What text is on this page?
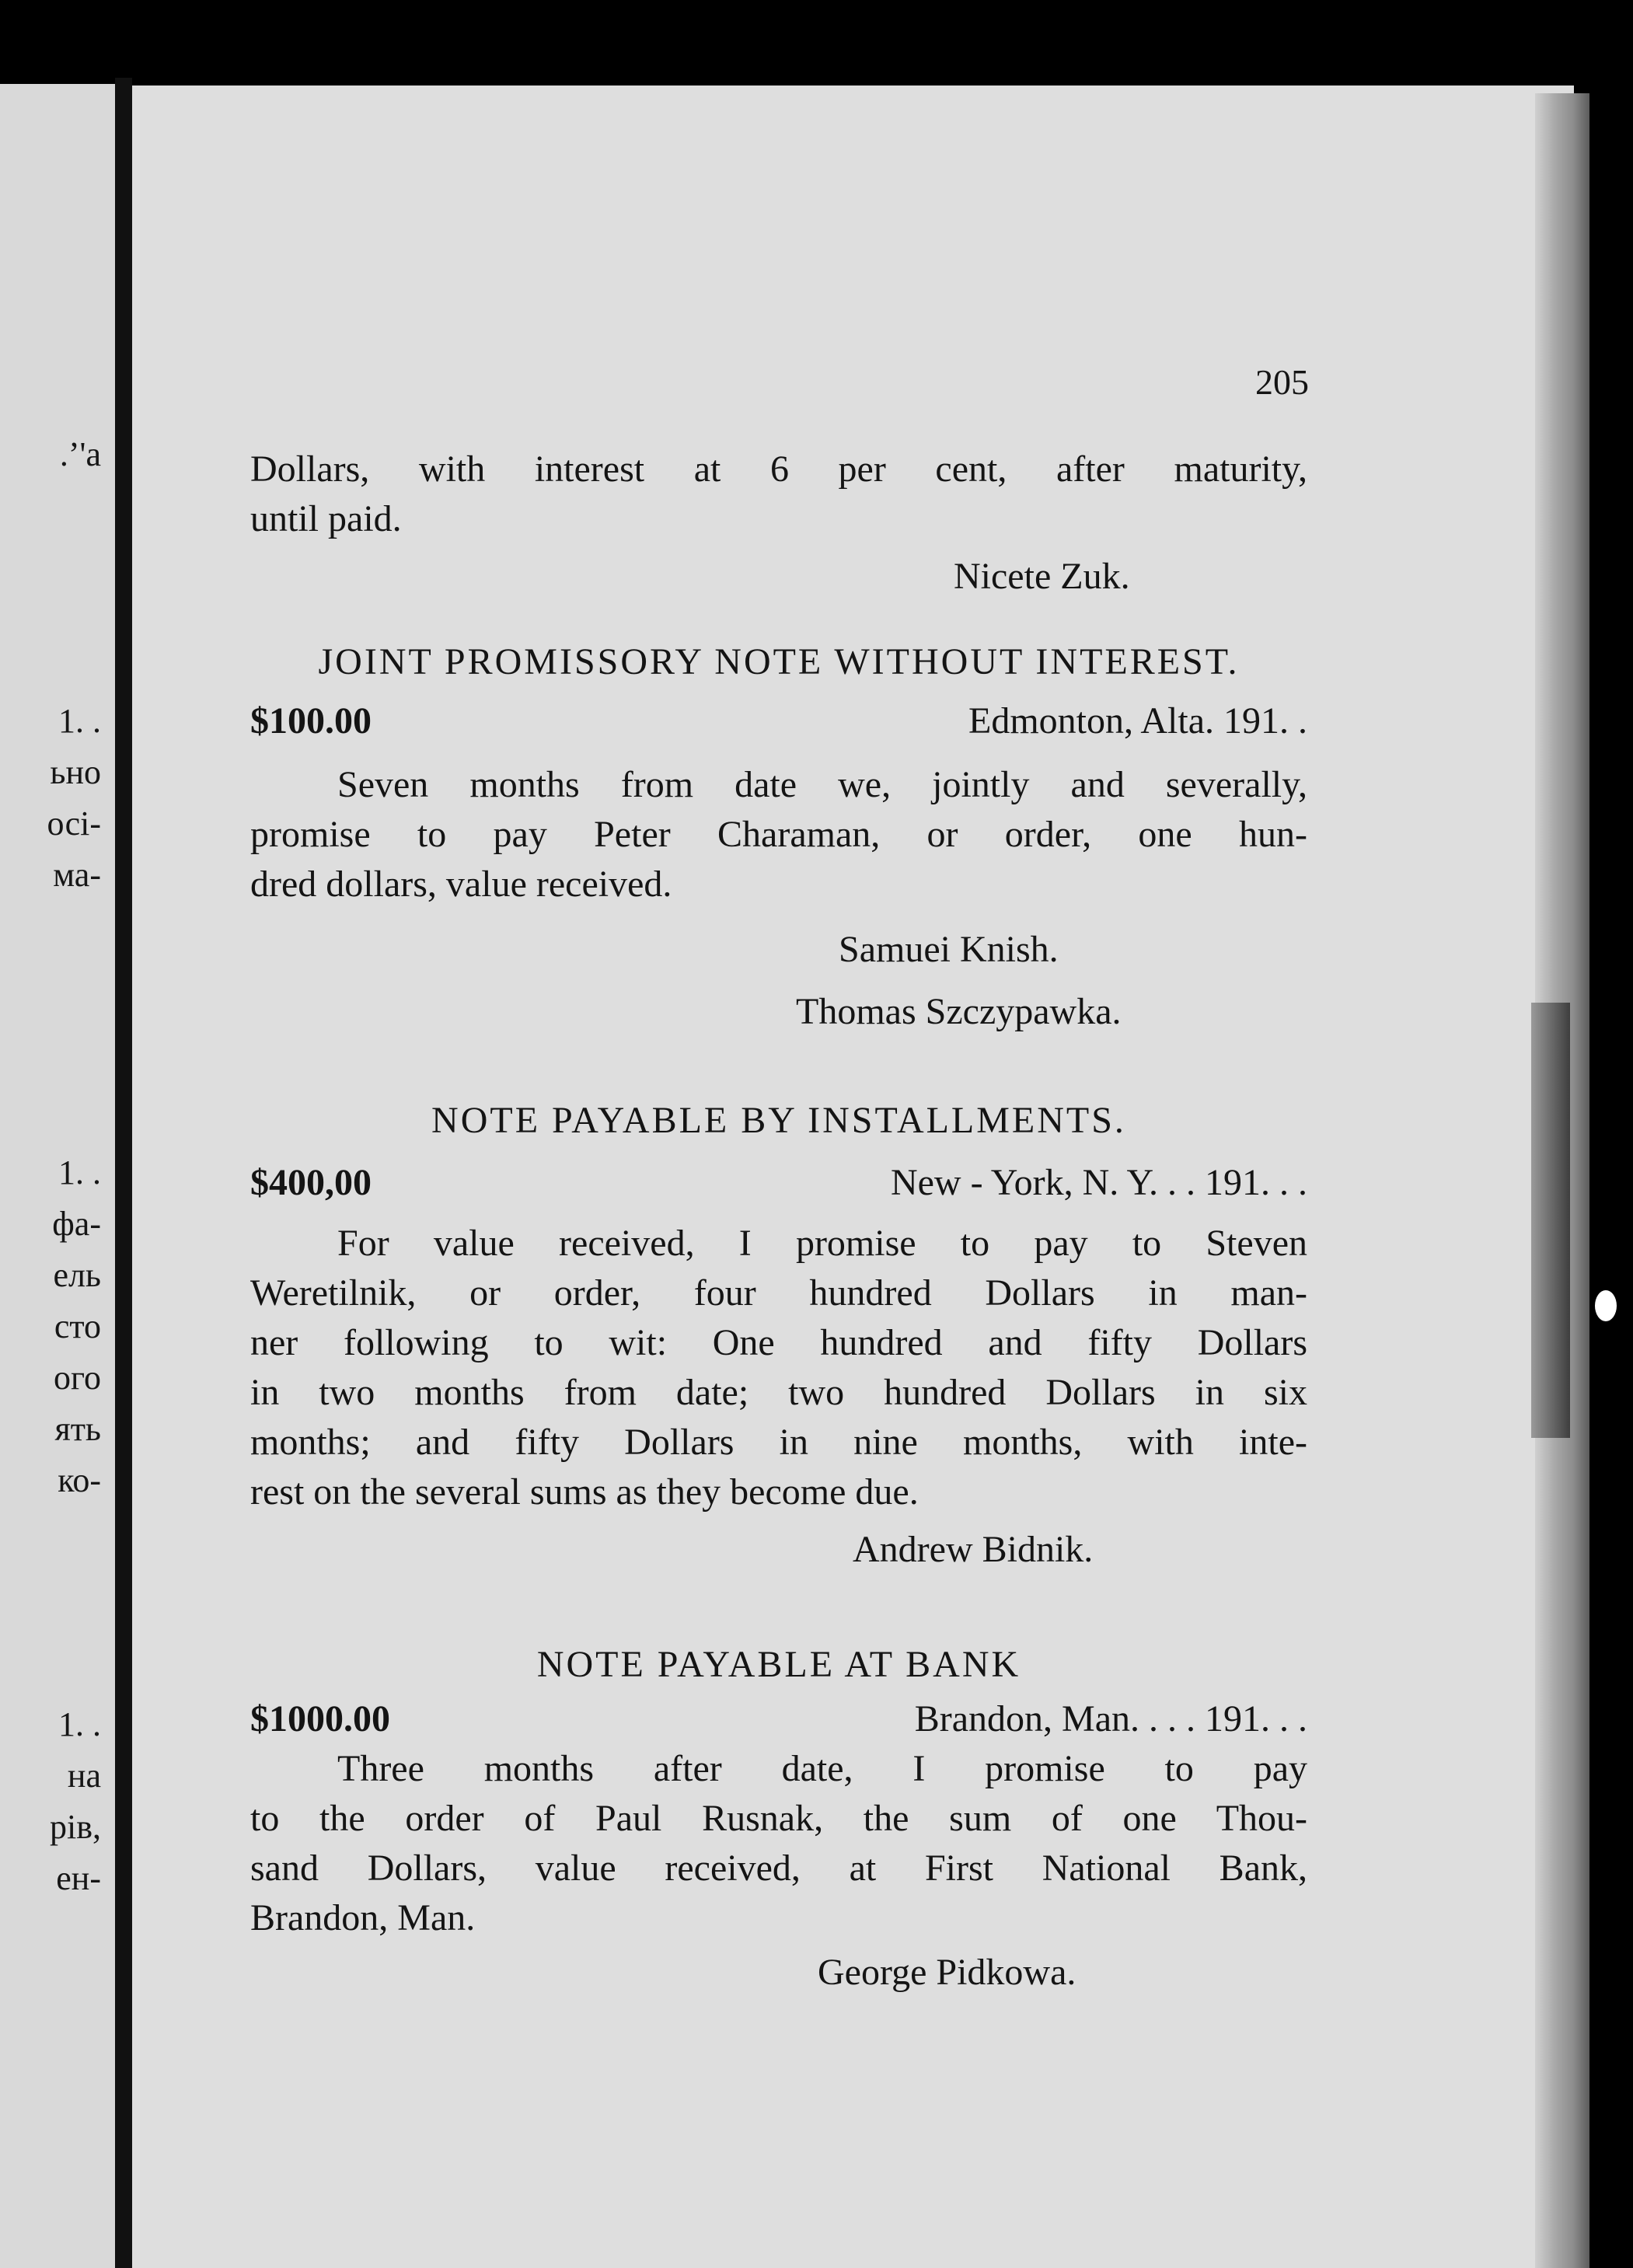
.ʼ'a
1. .
ьно
осі-
ма-
1. .
фа-
ель
сто
ого
ять
ко-
1. .
на
рів,
ен-
205
Dollars, with interest at 6 per cent, after maturity,
until paid.
Nicete Zuk.
JOINT PROMISSORY NOTE WITHOUT INTEREST.
$100.00	Edmonton, Alta. 191. .
Seven months from date we, jointly and severally,
promise to pay Peter Charaman, or order, one hun-
dred dollars, value received.
Samuei Knish.
Thomas Szczypawka.
NOTE PAYABLE BY INSTALLMENTS.
$400,00	New - York, N. Y. . . 191. . .
For value received, I promise to pay to Steven
Weretilnik, or order, four hundred Dollars in man-
ner following to wit: One hundred and fifty Dollars
in two months from date; two hundred Dollars in six
months; and fifty Dollars in nine months, with inte-
rest on the several sums as they become due.
Andrew Bidnik.
NOTE PAYABLE AT BANK
$1000.00	Brandon, Man. . . . 191. . .
Three months after date, I promise to pay
to the order of Paul Rusnak, the sum of one Thou-
sand Dollars, value received, at First National Bank,
Brandon, Man.
George Pidkowa.
